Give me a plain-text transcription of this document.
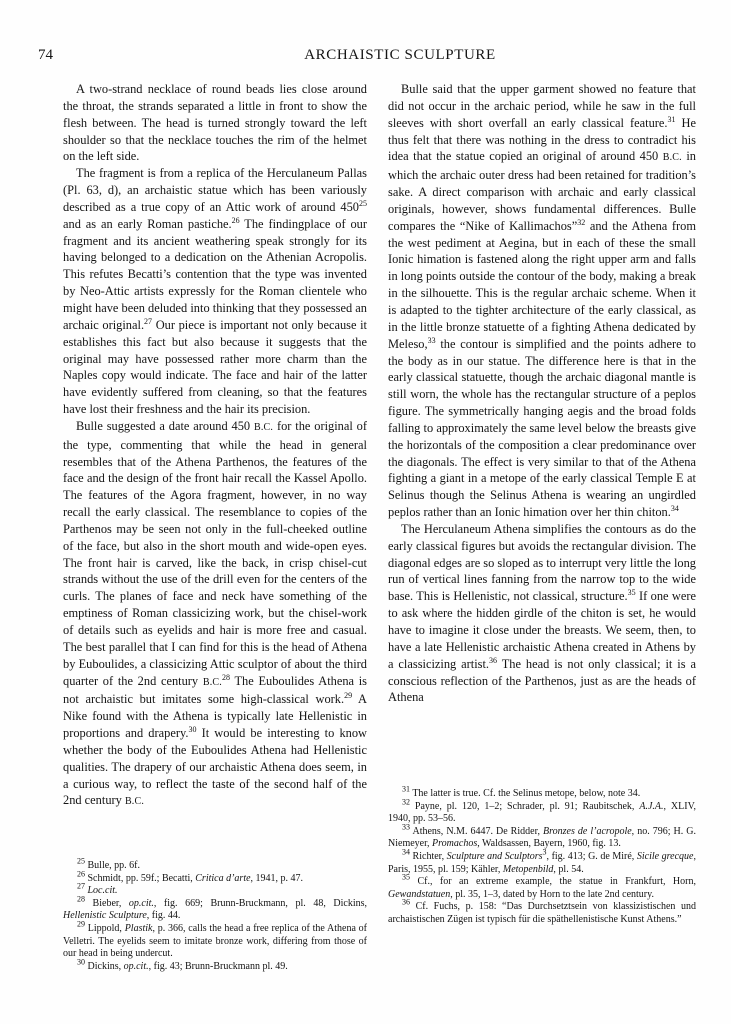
74	ARCHAISTIC SCULPTURE

A two-strand necklace of round beads lies close around the throat, the strands separated a little in front to show the flesh between. The head is turned strongly toward the left shoulder so that the necklace touches the rim of the helmet on the left side.

The fragment is from a replica of the Herculaneum Pallas (Pl. 63, d), an archaistic statue which has been variously described as a true copy of an Attic work of around $450^{25}$ and as an early Roman pastiche.$^{26}$ The findingplace of our fragment and its ancient weathering speak strongly for its having belonged to a dedication on the Athenian Acropolis. This refutes Becatti’s contention that the type was invented by Neo-Attic artists expressly for the Roman clientele who might have been deluded into thinking that they possessed an archaic original.$^{27}$ Our piece is important not only because it establishes this fact but also because it suggests that the original may have possessed rather more charm than the Naples copy would indicate. The face and hair of the latter have evidently suffered from cleaning, so that the features have lost their freshness and the hair its precision.

Bulle suggested a date around 450 B.C. for the original of the type, commenting that while the head in general resembles that of the Athena Parthenos, the features of the face and the design of the front hair recall the Kassel Apollo. The features of the Agora fragment, however, in no way recall the early classical. The resemblance to copies of the Parthenos may be seen not only in the full-cheeked outline of the face, but also in the short mouth and wide-open eyes. The front hair is carved, like the back, in crisp chisel-cut strands without the use of the drill even for the centers of the curls. The planes of face and neck have something of the emptiness of Roman classicizing work, but the chisel-work of details such as eyelids and hair is more free and casual. The best parallel that I can find for this is the head of Athena by Euboulides, a classicizing Attic sculptor of about the third quarter of the 2nd century B.C.$^{28}$ The Euboulides Athena is not archaistic but imitates some high-classical work.$^{29}$ A Nike found with the Athena is typically late Hellenistic in proportions and drapery.$^{30}$ It would be interesting to know whether the body of the Euboulides Athena had Hellenistic qualities. The drapery of our archaistic Athena does seem, in a curious way, to reflect the taste of the second half of the 2nd century B.C.

Bulle said that the upper garment showed no feature that did not occur in the archaic period, while he saw in the full sleeves with short overfall an early classical feature.$^{31}$ He thus felt that there was nothing in the dress to contradict his idea that the statue copied an original of around 450 B.C. in which the archaic outer dress had been retained for tradition’s sake. A direct comparison with archaic and early classical originals, however, shows fundamental differences. Bulle compares the “Nike of Kallimachos”$^{32}$ and the Athena from the west pediment at Aegina, but in each of these the small Ionic himation is fastened along the right upper arm and falls in long points outside the contour of the body, making a break in the silhouette. This is the regular archaic scheme. When it is adapted to the tighter architecture of the early classical, as in the little bronze statuette of a fighting Athena dedicated by Meleso,$^{33}$ the contour is simplified and the points adhere to the body as in our statue. The difference here is that in the early classical statuette, though the archaic diagonal mantle is still worn, the whole has the rectangular structure of a peplos figure. The symmetrically hanging aegis and the broad folds falling to approximately the same level below the breasts give the horizontals of the composition a clear predominance over the diagonals. The effect is very similar to that of the Athena fighting a giant in a metope of the early classical Temple E at Selinus though the Selinus Athena is wearing an ungirdled peplos rather than an Ionic himation over her thin chiton.$^{34}$

The Herculaneum Athena simplifies the contours as do the early classical figures but avoids the rectangular division. The diagonal edges are so sloped as to interrupt very little the long run of vertical lines fanning from the narrow top to the wide base. This is Hellenistic, not classical, structure.$^{35}$ If one were to ask where the hidden girdle of the chiton is set, he would have to imagine it close under the breasts. We seem, then, to have a late Hellenistic archaistic Athena created in Athens by a classicizing artist.$^{36}$ The head is not only classical; it is a conscious reflection of the Parthenos, just as are the heads of Athena

$^{25}$ Bulle, pp. 6f.

$^{26}$ Schmidt, pp. 59f.; Becatti, Critica d’arte, 1941, p. 47.

$^{27}$ Loc.cit.

$^{28}$ Bieber, op.cit., fig. 669; Brunn-Bruckmann, pl. 48, Dickins, Hellenistic Sculpture, fig. 44.

$^{29}$ Lippold, Plastik, p. 366, calls the head a free replica of the Athena of Velletri. The eyelids seem to imitate bronze work, differing from those of our head in being undercut.

$^{30}$ Dickins, op.cit., fig. 43; Brunn-Bruckmann pl. 49.

$^{31}$ The latter is true. Cf. the Selinus metope, below, note 34.

$^{32}$ Payne, pl. 120, 1–2; Schrader, pl. 91; Raubitschek, A.J.A., XLIV, 1940, pp. 53–56.

$^{33}$ Athens, N.M. 6447. De Ridder, Bronzes de l’acropole, no. 796; H. G. Niemeyer, Promachos, Waldsassen, Bayern, 1960, fig. 13.

$^{34}$ Richter, Sculpture and Sculptors$^3$, fig. 413; G. de Miré, Sicile grecque, Paris, 1955, pl. 159; Kähler, Metopenbild, pl. 54.

$^{35}$ Cf., for an extreme example, the statue in Frankfurt, Horn, Gewandstatuen, pl. 35, 1–3, dated by Horn to the late 2nd century.

$^{36}$ Cf. Fuchs, p. 158: “Das Durchsetztsein von klassizistischen und archaistischen Zügen ist typisch für die späthellenistische Kunst Athens.”
